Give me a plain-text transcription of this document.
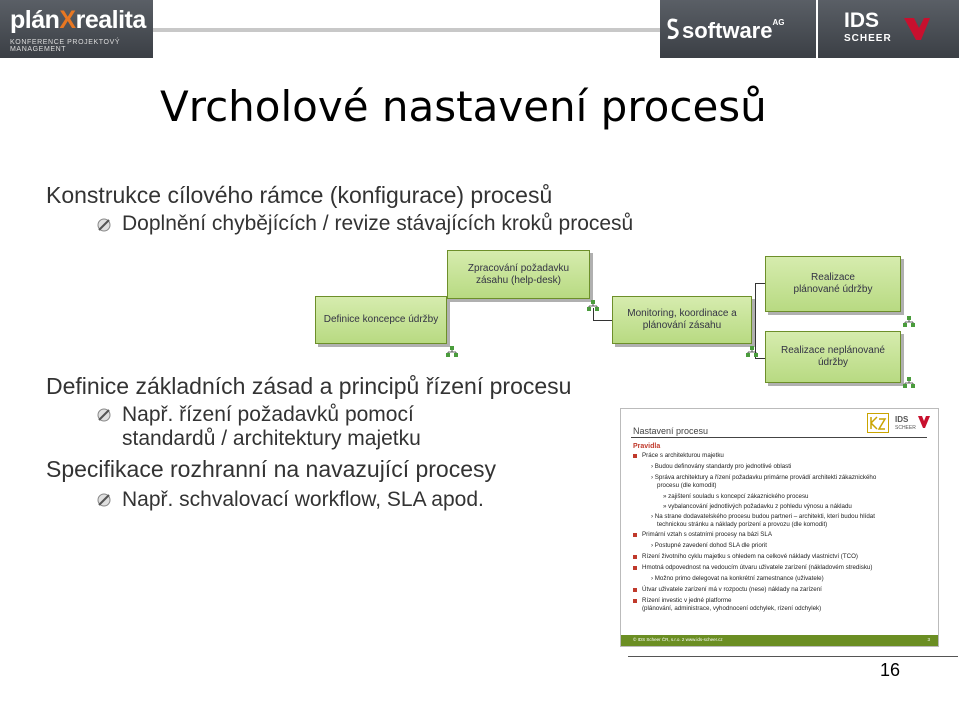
plánXrealita
KONFERENCE PROJEKTOVÝ MANAGEMENT
software$^{AG}$	IDS
SCHEER
Vrcholové nastavení procesů
Konstrukce cílového rámce (konfigurace) procesů
Doplnění chybějících / revize stávajících kroků procesů
Definice základních zásad a principů řízení procesu
Např. řízení požadavků pomocí
standardů / architektury majetku
Specifikace rozhranní na navazující procesy
Např. schvalovací workflow, SLA apod.
Zpracování požadavku
zásahu (help-desk)
Definice koncepce údržby
Monitoring, koordinace a
plánování zásahu
Realizace
plánované údržby
Realizace neplánované
údržby
Nastavení procesu
IDS
SCHEER
Pravidla
Práce s architekturou majetku
› Budou definovány standardy pro jednotlivé oblasti
› Správa architektury a řízení požadavku primárne provádí architekti zákaznického
procesu (dle komodit)
» zajištení souladu s koncepcí zákaznického procesu
» vybalancování jednotlivých požadavku z pohledu výnosu a nákladu
› Na strane dodavatelského procesu budou partneri – architekti, kterí budou hlídat
technickou stránku a náklady porízení a provozu (dle komodit)
Primární vztah s ostatními procesy na bázi SLA
› Postupné zavedení dohod SLA dle priorit
Rízení životního cyklu majetku s ohledem na celkové náklady vlastnictví (TCO)
Hmotná odpovednost na vedoucím útvaru uživatele zarízení (nákladovém stredisku)
› Možno primo delegovat na konkrétní zamestnance (uživatele)
Útvar uživatele zarízení má v rozpoctu (nese) náklady na zarízení
Rízení investic v jedné platforme
(plánování, administrace, vyhodnocení odchylek, rízení odchylek)
© IDS Scheer ČR, s.r.o. 2 www.ids-scheer.cz	3
16
